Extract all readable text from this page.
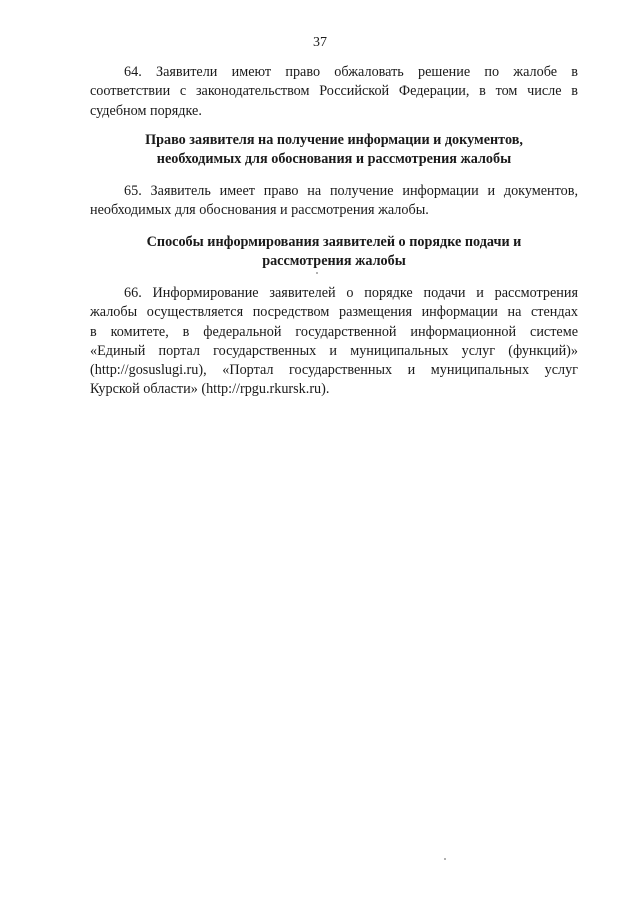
37
64. Заявители имеют право обжаловать решение по жалобе в
соответствии с законодательством Российской Федерации, в том числе в
судебном порядке.
Право заявителя на получение информации и документов,
необходимых для обоснования и рассмотрения жалобы
65. Заявитель имеет право на получение информации и документов,
необходимых для обоснования и рассмотрения жалобы.
Способы информирования заявителей о порядке подачи и
рассмотрения жалобы
66. Информирование заявителей о порядке подачи и рассмотрения
жалобы осуществляется посредством размещения информации на стендах
в комитете, в федеральной государственной информационной системе
«Единый портал государственных и муниципальных услуг (функций)»
(http://gosuslugi.ru), «Портал государственных и муниципальных услуг
Курской области» (http://rpgu.rkursk.ru).
